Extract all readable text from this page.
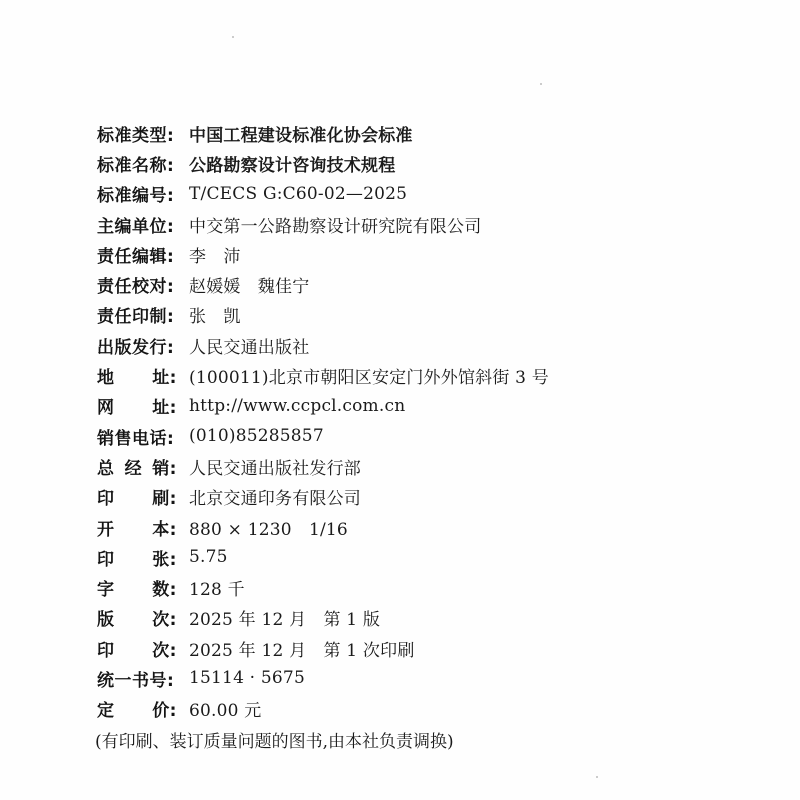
标准类型: 中国工程建设标准化协会标准
标准名称: 公路勘察设计咨询技术规程
标准编号: T/CECS G:C60-02—2025
主编单位: 中交第一公路勘察设计研究院有限公司
责任编辑: 李　沛
责任校对: 赵媛媛　魏佳宁
责任印制: 张　凯
出版发行: 人民交通出版社
地 址: (100011)北京市朝阳区安定门外外馆斜街 3 号
网 址: http://www.ccpcl.com.cn
销售电话: (010)85285857
总 经 销: 人民交通出版社发行部
印 刷: 北京交通印务有限公司
开 本: 880 × 1230　1/16
印 张: 5.75
字 数: 128 千
版 次: 2025 年 12 月　第 1 版
印 次: 2025 年 12 月　第 1 次印刷
统一书号: 15114 · 5675
定 价: 60.00 元
(有印刷、装订质量问题的图书,由本社负责调换)
